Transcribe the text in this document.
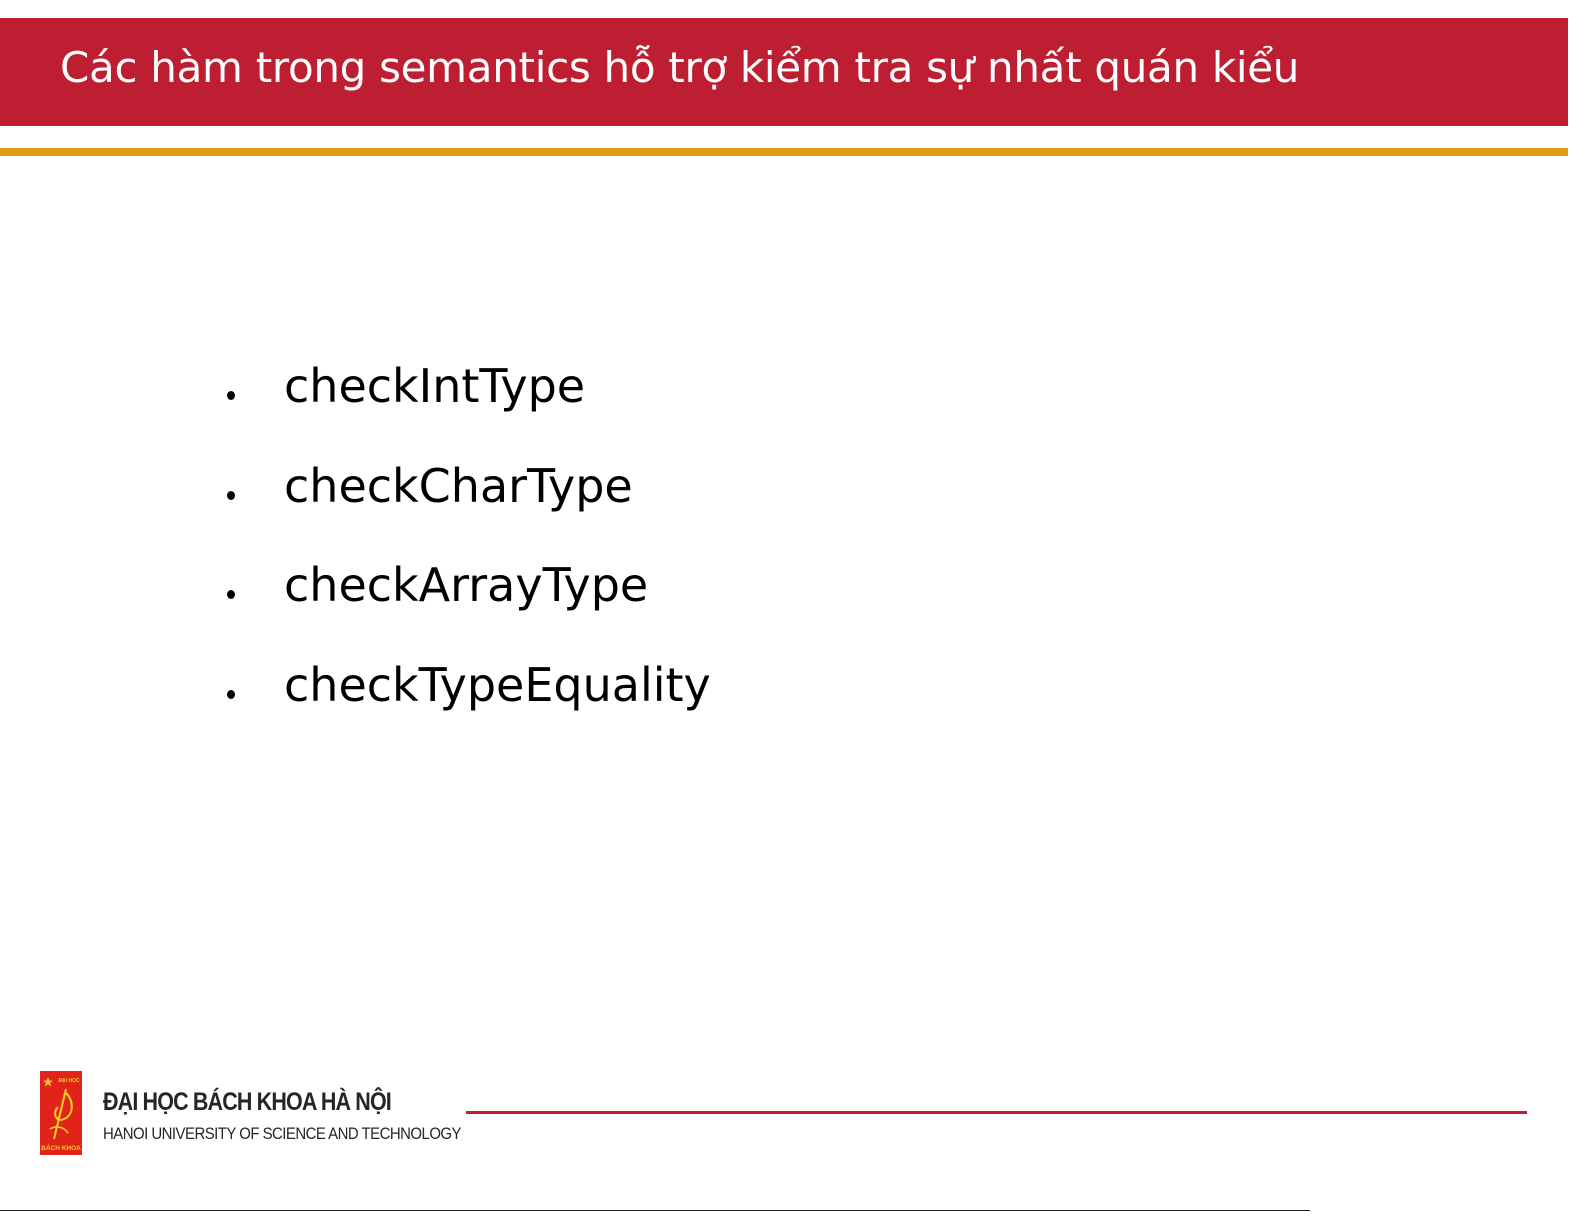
Các hàm trong semantics hỗ trợ kiểm tra sự nhất quán kiểu
checkIntType
checkCharType
checkArrayType
checkTypeEquality
ĐẠI HỌC
BÁCH KHOA
ĐẠI HỌC BÁCH KHOA HÀ NỘI
HANOI UNIVERSITY OF SCIENCE AND TECHNOLOGY
